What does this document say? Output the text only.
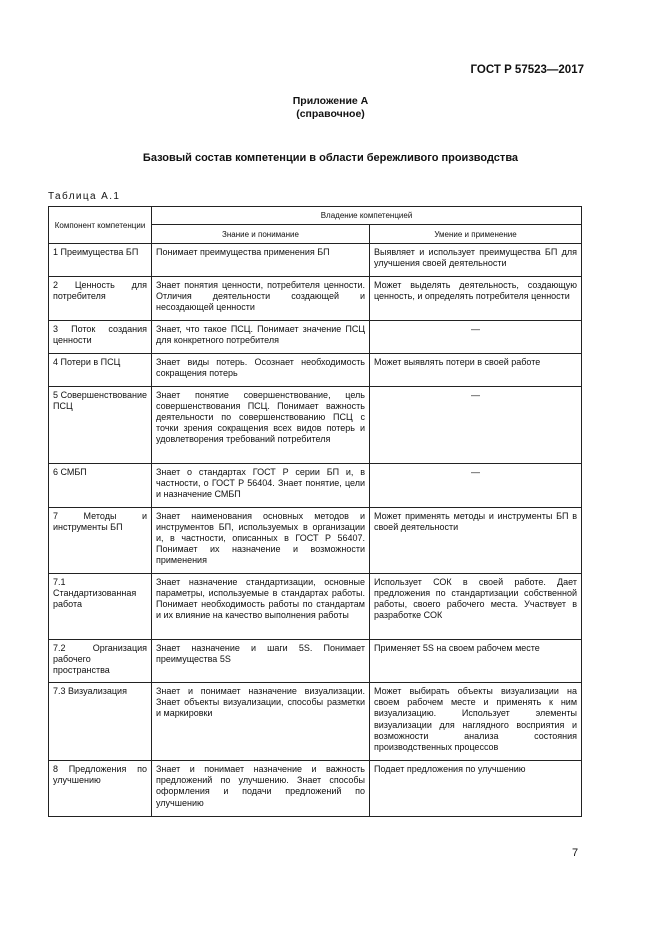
ГОСТ Р 57523—2017
Приложение А
(справочное)
Базовый состав компетенции в области бережливого производства
Таблица А.1
Компонент компетенции	Владение компетенцией	
	Знание и понимание	Умение и применение
1 Преимущества БП	Понимает преимущества применения БП	Выявляет и использует преимущества БП для улучшения своей деятельности
2 Ценность для потребителя	Знает понятия ценности, потребителя ценности. Отличия деятельности создающей и несоздающей ценности	Может выделять деятельность, создающую ценность, и определять потребителя ценности
3 Поток создания ценности	Знает, что такое ПСЦ. Понимает значение ПСЦ для конкретного потребителя	—
4 Потери в ПСЦ	Знает виды потерь. Осознает необходимость сокращения потерь	Может выявлять потери в своей работе
5 Совершенствование ПСЦ	Знает понятие совершенствование, цель совершенствования ПСЦ. Понимает важность деятельности по совершенствованию ПСЦ с точки зрения сокращения всех видов потерь и удовлетворения требований потребителя	—
6 СМБП	Знает о стандартах ГОСТ Р серии БП и, в частности, о ГОСТ Р 56404. Знает понятие, цели и назначение СМБП	—
7 Методы и инструменты БП	Знает наименования основных методов и инструментов БП, используемых в организации и, в частности, описанных в ГОСТ Р 56407. Понимает их назначение и возможности применения	Может применять методы и инструменты БП в своей деятельности
7.1 Стандартизованная работа	Знает назначение стандартизации, основные параметры, используемые в стандартах работы. Понимает необходимость работы по стандартам и их влияние на качество выполнения работы	Использует СОК в своей работе. Дает предложения по стандартизации собственной работы, своего рабочего места. Участвует в разработке СОК
7.2 Организация рабочего пространства	Знает назначение и шаги 5S. Понимает преимущества 5S	Применяет 5S на своем рабочем месте
7.3 Визуализация	Знает и понимает назначение визуализации. Знает объекты визуализации, способы разметки и маркировки	Может выбирать объекты визуализации на своем рабочем месте и применять к ним визуализацию. Использует элементы визуализации для наглядного восприятия и возможности анализа состояния производственных процессов
8 Предложения по улучшению	Знает и понимает назначение и важность предложений по улучшению. Знает способы оформления и подачи предложений по улучшению	Подает предложения по улучшению
7
